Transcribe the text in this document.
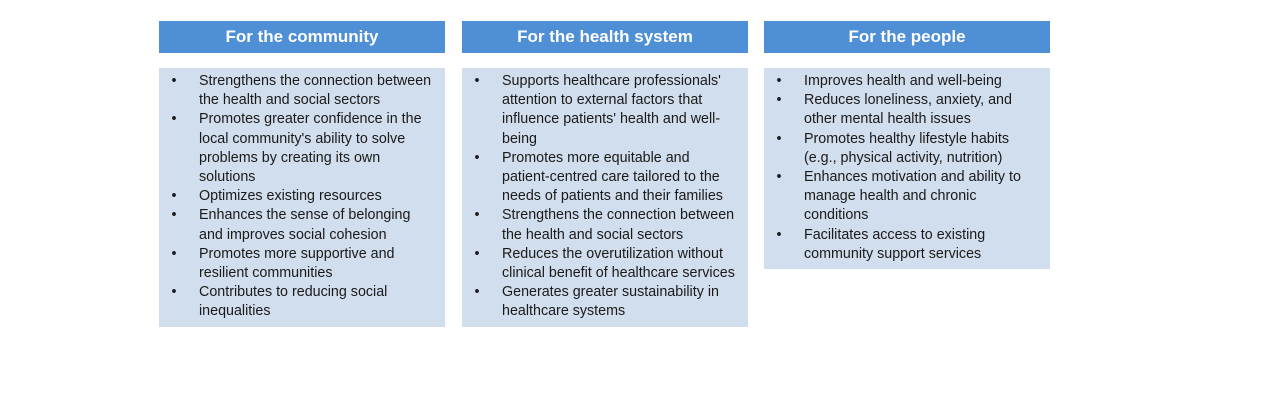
For the community
• Strengthens the connection between the health and social sectors
• Promotes greater confidence in the local community's ability to solve problems by creating its own solutions
• Optimizes existing resources
• Enhances the sense of belonging and improves social cohesion
• Promotes more supportive and resilient communities
• Contributes to reducing social inequalities
For the health system
• Supports healthcare professionals' attention to external factors that influence patients' health and well-being
• Promotes more equitable and patient-centred care tailored to the needs of patients and their families
• Strengthens the connection between the health and social sectors
• Reduces the overutilization without clinical benefit of healthcare services
• Generates greater sustainability in healthcare systems
For the people
• Improves health and well-being
• Reduces loneliness, anxiety, and other mental health issues
• Promotes healthy lifestyle habits (e.g., physical activity, nutrition)
• Enhances motivation and ability to manage health and chronic conditions
• Facilitates access to existing community support services
